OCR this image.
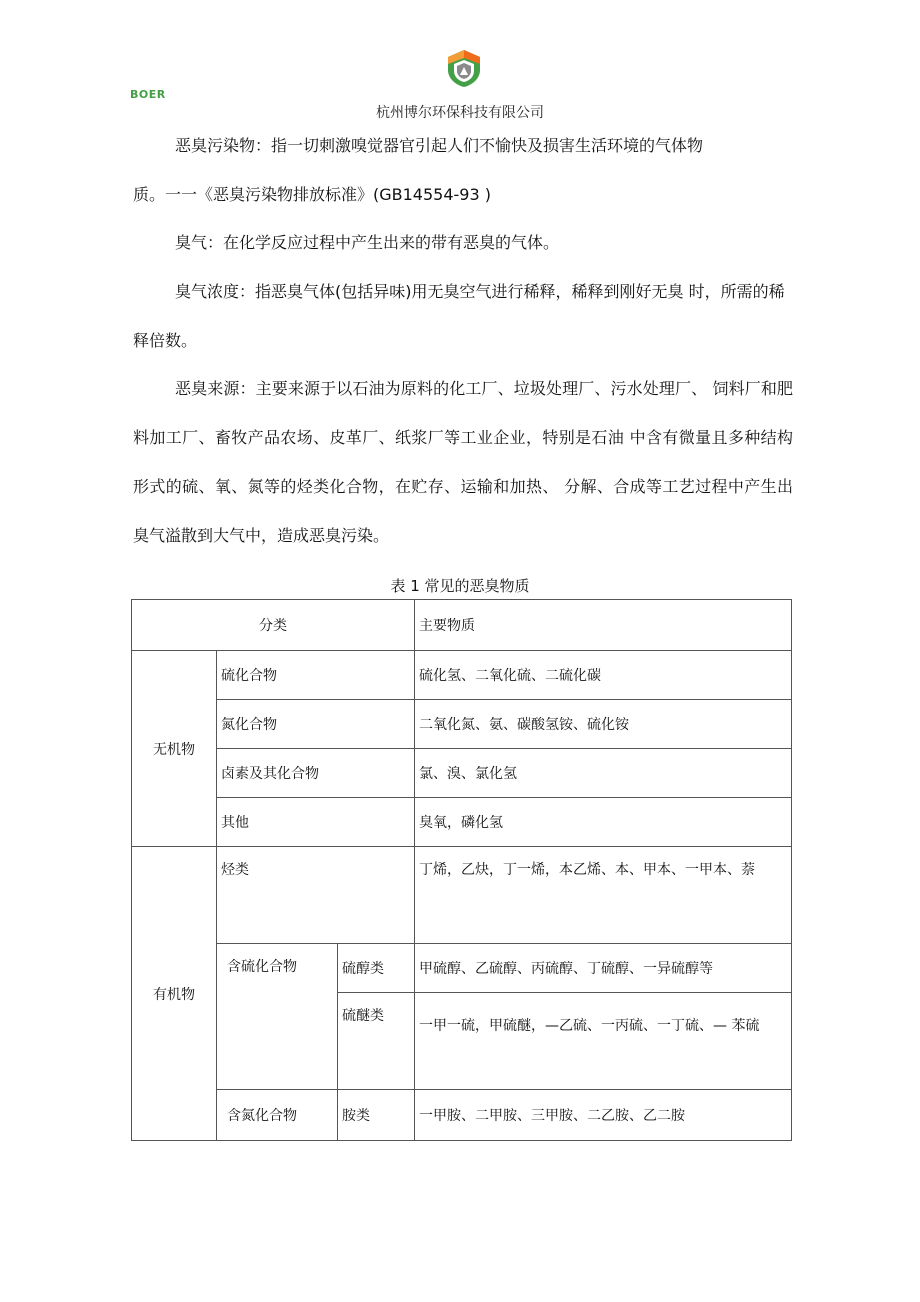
BOER
杭州博尔环保科技有限公司

恶臭污染物：指一切刺激嗅觉器官引起人们不愉快及损害生活环境的气体物
质。一一《恶臭污染物排放标准》(GB14554-93 )

臭气：在化学反应过程中产生出来的带有恶臭的气体。

臭气浓度：指恶臭气体(包括异味)用无臭空气进行稀释，稀释到刚好无臭 时，所需的稀释倍数。

恶臭来源：主要来源于以石油为原料的化工厂、垃圾处理厂、污水处理厂、 饲料厂和肥料加工厂、畜牧产品农场、皮革厂、纸浆厂等工业企业，特别是石油 中含有微量且多种结构形式的硫、氧、氮等的烃类化合物，在贮存、运输和加热、 分解、合成等工艺过程中产生出臭气溢散到大气中，造成恶臭污染。

表 1 常见的恶臭物质
分类			主要物质
无机物	硫化合物		硫化氢、二氧化硫、二硫化碳
	氮化合物		二氧化氮、氨、碳酸氢铵、硫化铵
	卤素及其化合物		氯、溴、氯化氢
	其他		臭氧，磷化氢
有机物	烃类		丁烯，乙炔，丁一烯，本乙烯、本、甲本、一甲本、萘
	含硫化合物	硫醇类	甲硫醇、乙硫醇、丙硫醇、丁硫醇、一异硫醇等
		硫醚类	一甲一硫，甲硫醚，—乙硫、一丙硫、一丁硫、— 苯硫
	含氮化合物	胺类	一甲胺、二甲胺、三甲胺、二乙胺、乙二胺
